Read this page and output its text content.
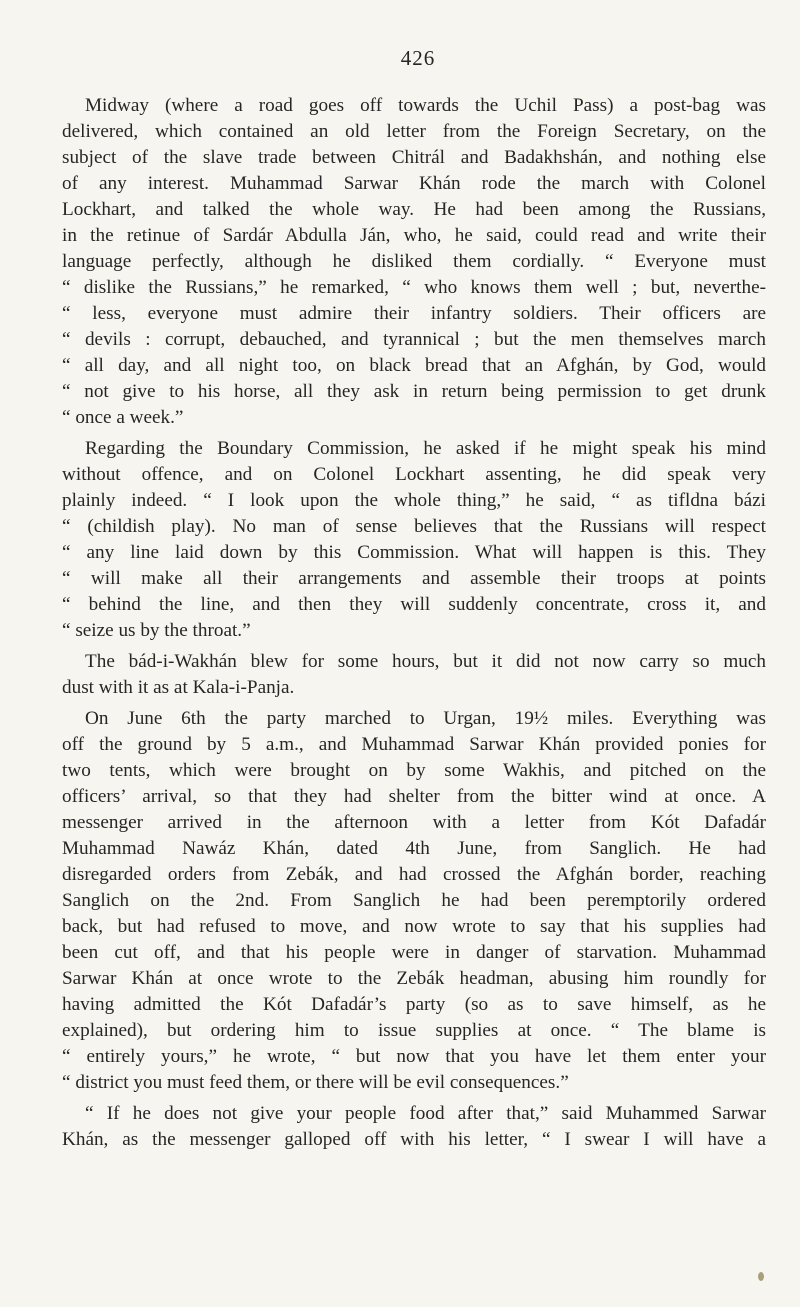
426

Midway (where a road goes off towards the Uchil Pass) a post-bag was
delivered, which contained an old letter from the Foreign Secretary, on the
subject of the slave trade between Chitrál and Badakhshán, and nothing else
of any interest. Muhammad Sarwar Khán rode the march with Colonel
Lockhart, and talked the whole way. He had been among the Russians,
in the retinue of Sardár Abdulla Ján, who, he said, could read and write their
language perfectly, although he disliked them cordially. “ Everyone must
“ dislike the Russians,” he remarked, “ who knows them well ; but, neverthe-
“ less, everyone must admire their infantry soldiers. Their officers are
“ devils : corrupt, debauched, and tyrannical ; but the men themselves march
“ all day, and all night too, on black bread that an Afghán, by God, would
“ not give to his horse, all they ask in return being permission to get drunk
“ once a week.”

Regarding the Boundary Commission, he asked if he might speak his mind
without offence, and on Colonel Lockhart assenting, he did speak very
plainly indeed. “ I look upon the whole thing,” he said, “ as tifldna bázi
“ (childish play). No man of sense believes that the Russians will respect
“ any line laid down by this Commission. What will happen is this. They
“ will make all their arrangements and assemble their troops at points
“ behind the line, and then they will suddenly concentrate, cross it, and
“ seize us by the throat.”

The bád-i-Wakhán blew for some hours, but it did not now carry so much
dust with it as at Kala-i-Panja.

On June 6th the party marched to Urgan, 19½ miles. Everything was
off the ground by 5 a.m., and Muhammad Sarwar Khán provided ponies for
two tents, which were brought on by some Wakhis, and pitched on the
officers’ arrival, so that they had shelter from the bitter wind at once. A
messenger arrived in the afternoon with a letter from Kót Dafadár
Muhammad Nawáz Khán, dated 4th June, from Sanglich. He had
disregarded orders from Zebák, and had crossed the Afghán border, reaching
Sanglich on the 2nd. From Sanglich he had been peremptorily ordered
back, but had refused to move, and now wrote to say that his supplies had
been cut off, and that his people were in danger of starvation. Muhammad
Sarwar Khán at once wrote to the Zebák headman, abusing him roundly for
having admitted the Kót Dafadár’s party (so as to save himself, as he
explained), but ordering him to issue supplies at once. “ The blame is
“ entirely yours,” he wrote, “ but now that you have let them enter your
“ district you must feed them, or there will be evil consequences.”

“ If he does not give your people food after that,” said Muhammed Sarwar
Khán, as the messenger galloped off with his letter, “ I swear I will have a
